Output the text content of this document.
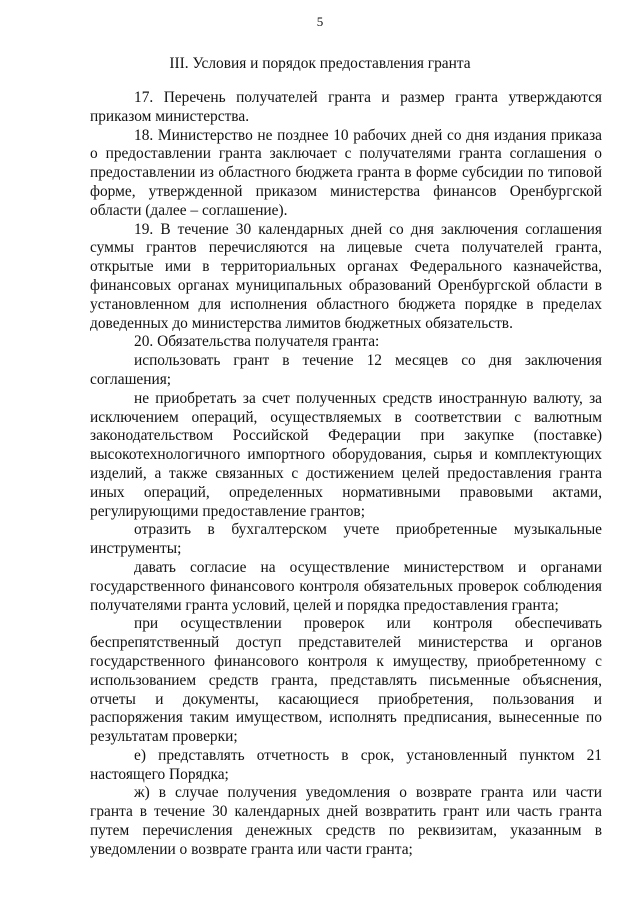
5
III. Условия и порядок предоставления гранта

17. Перечень получателей гранта и размер гранта утверждаются приказом министерства.

18. Министерство не позднее 10 рабочих дней со дня издания приказа о предоставлении гранта заключает с получателями гранта соглашения о предоставлении из областного бюджета гранта в форме субсидии по типовой форме, утвержденной приказом министерства финансов Оренбургской области (далее – соглашение).

19. В течение 30 календарных дней со дня заключения соглашения суммы грантов перечисляются на лицевые счета получателей гранта, открытые ими в территориальных органах Федерального казначейства, финансовых органах муниципальных образований Оренбургской области в установленном для исполнения областного бюджета порядке в пределах доведенных до министерства лимитов бюджетных обязательств.

20. Обязательства получателя гранта:

использовать грант в течение 12 месяцев со дня заключения соглашения;

не приобретать за счет полученных средств иностранную валюту, за исключением операций, осуществляемых в соответствии с валютным законодательством Российской Федерации при закупке (поставке) высокотехнологичного импортного оборудования, сырья и комплектующих изделий, а также связанных с достижением целей предоставления гранта иных операций, определенных нормативными правовыми актами, регулирующими предоставление грантов;

отразить в бухгалтерском учете приобретенные музыкальные инструменты;

давать согласие на осуществление министерством и органами государственного финансового контроля обязательных проверок соблюдения получателями гранта условий, целей и порядка предоставления гранта;

при осуществлении проверок или контроля обеспечивать беспрепятственный доступ представителей министерства и органов государственного финансового контроля к имуществу, приобретенному с использованием средств гранта, представлять письменные объяснения, отчеты и документы, касающиеся приобретения, пользования и распоряжения таким имуществом, исполнять предписания, вынесенные по результатам проверки;

е) представлять отчетность в срок, установленный пунктом 21 настоящего Порядка;

ж) в случае получения уведомления о возврате гранта или части гранта в течение 30 календарных дней возвратить грант или часть гранта путем перечисления денежных средств по реквизитам, указанным в уведомлении о возврате гранта или части гранта;
